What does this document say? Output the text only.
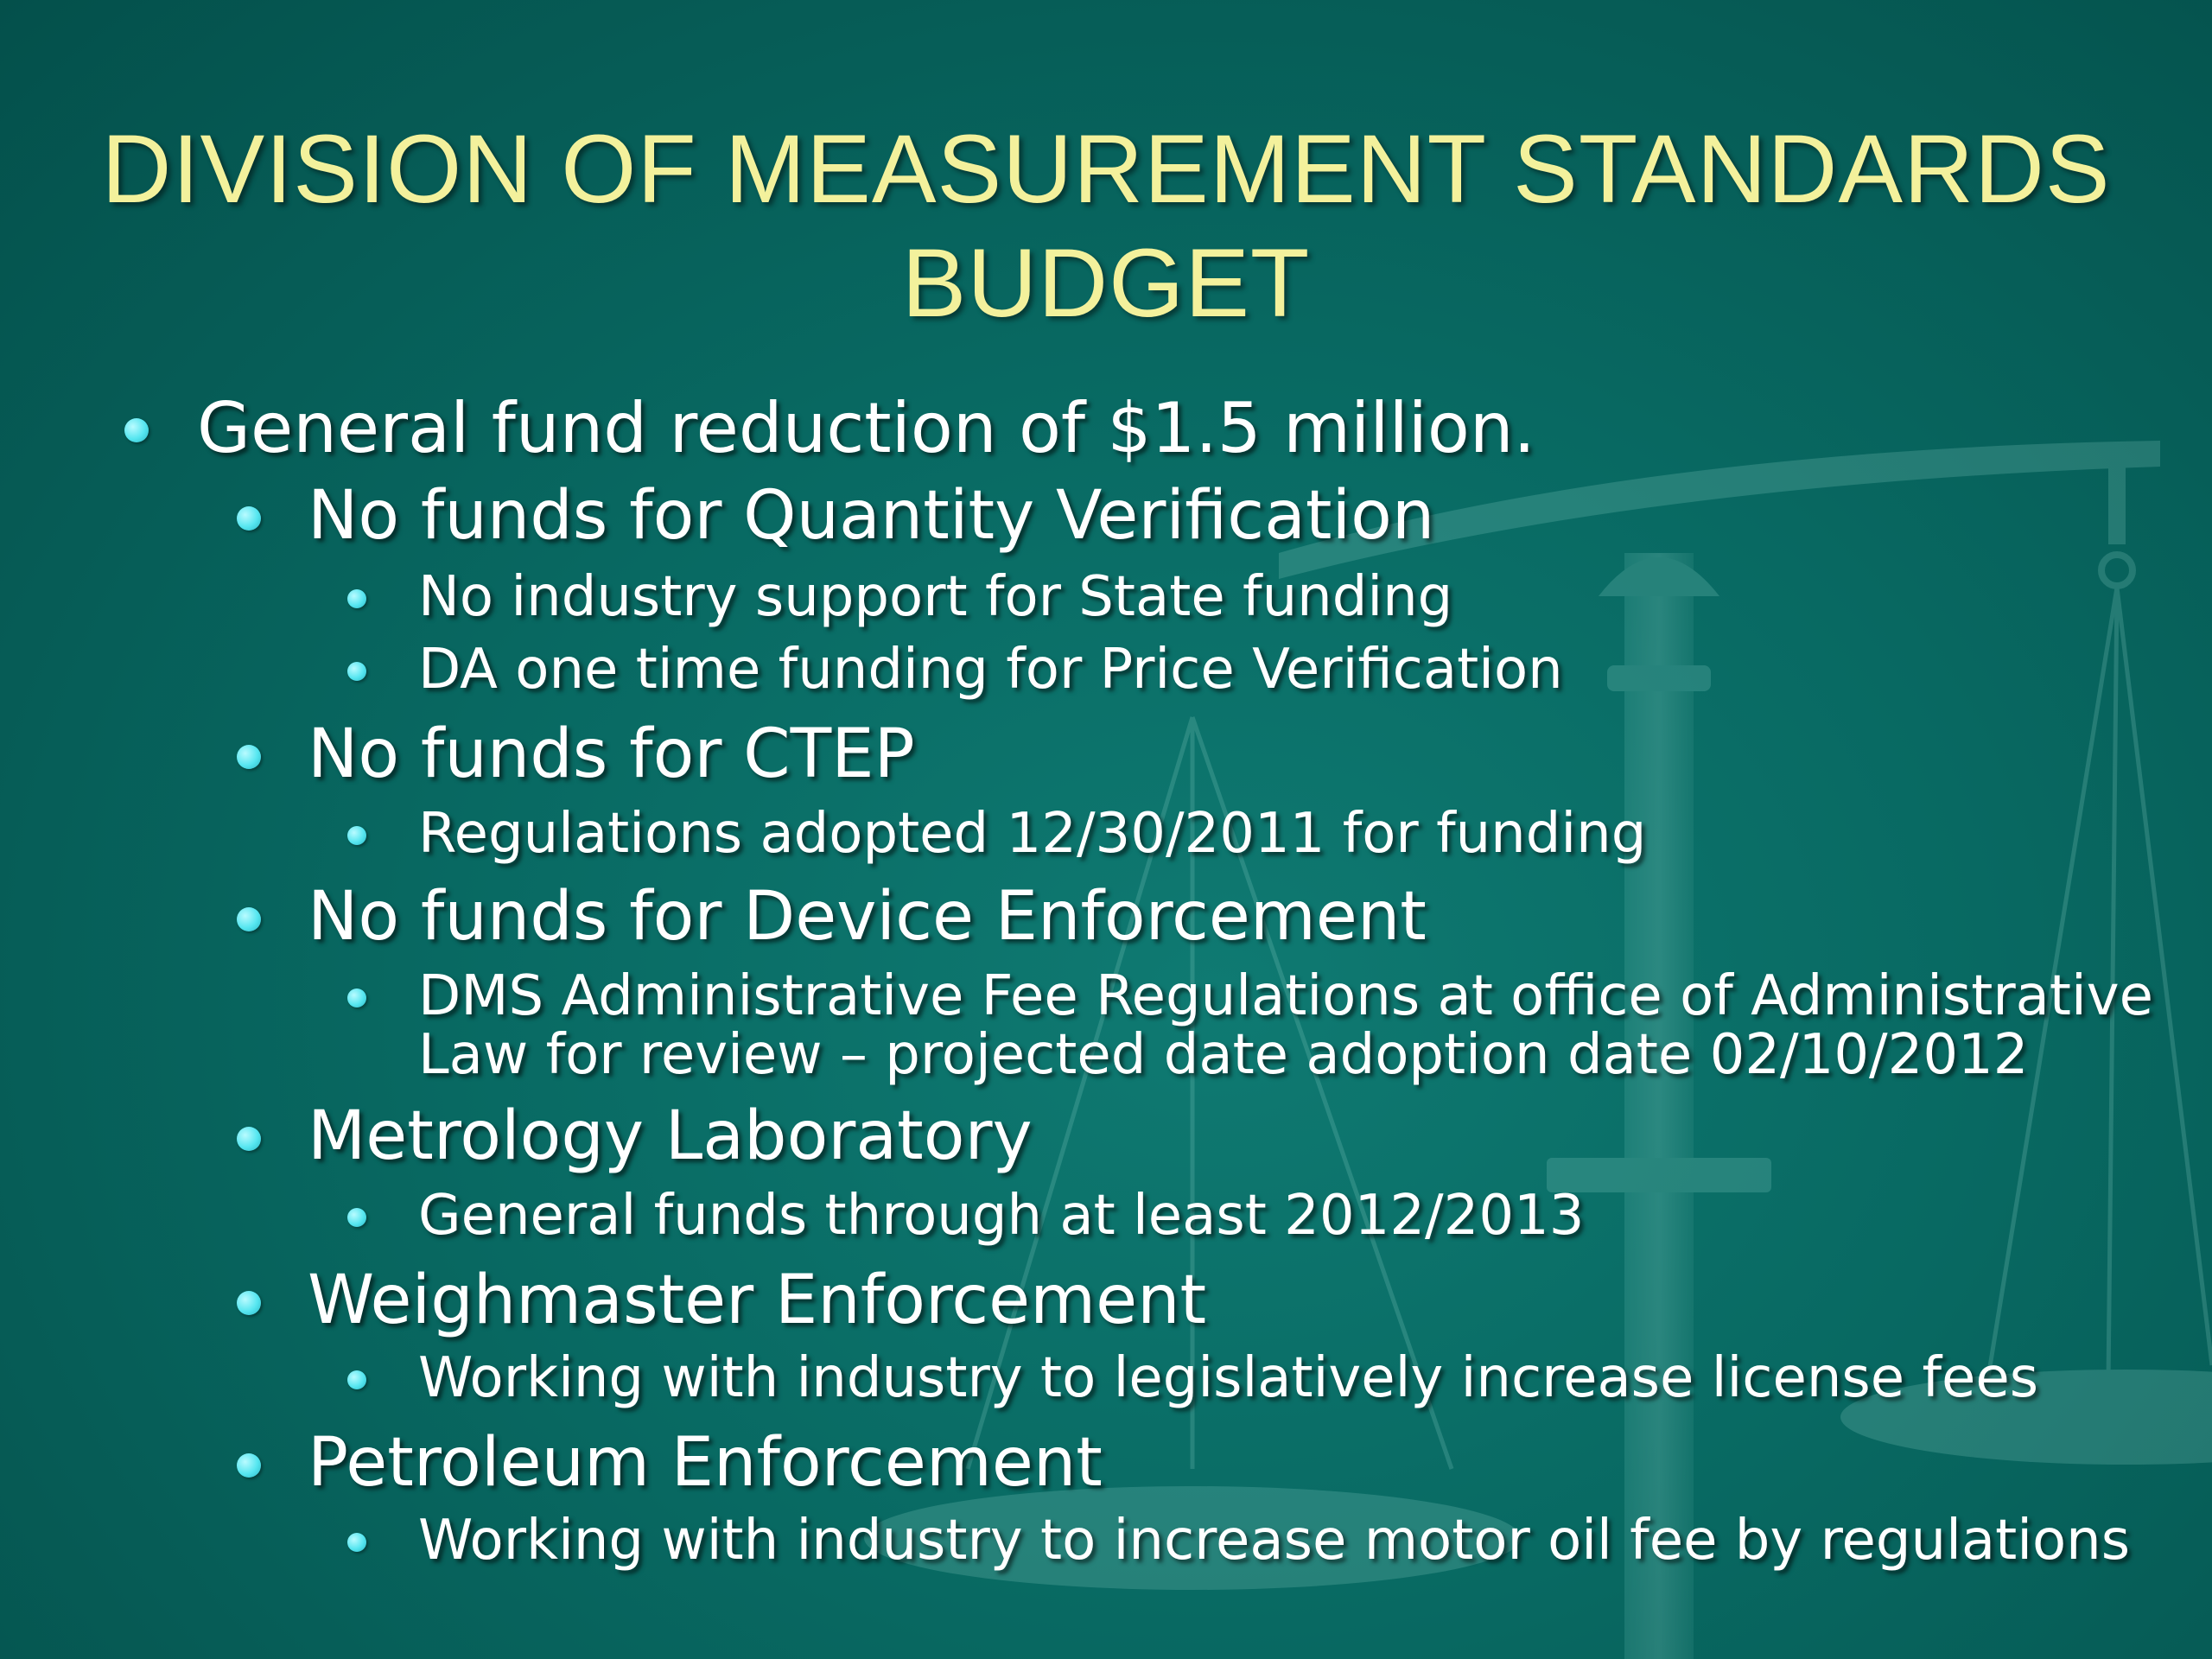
DIVISION OF MEASUREMENT STANDARDS
BUDGET
General fund reduction of $1.5 million.
No funds for Quantity Verification
No industry support for State funding
DA one time funding for Price Verification
No funds for CTEP
Regulations adopted 12/30/2011 for funding
No funds for Device Enforcement
DMS Administrative Fee Regulations at office of Administrative
Law for review – projected date adoption date 02/10/2012
Metrology Laboratory
General funds through at least 2012/2013
Weighmaster Enforcement
Working with industry to legislatively increase license fees
Petroleum Enforcement
Working with industry to increase motor oil fee by regulations
